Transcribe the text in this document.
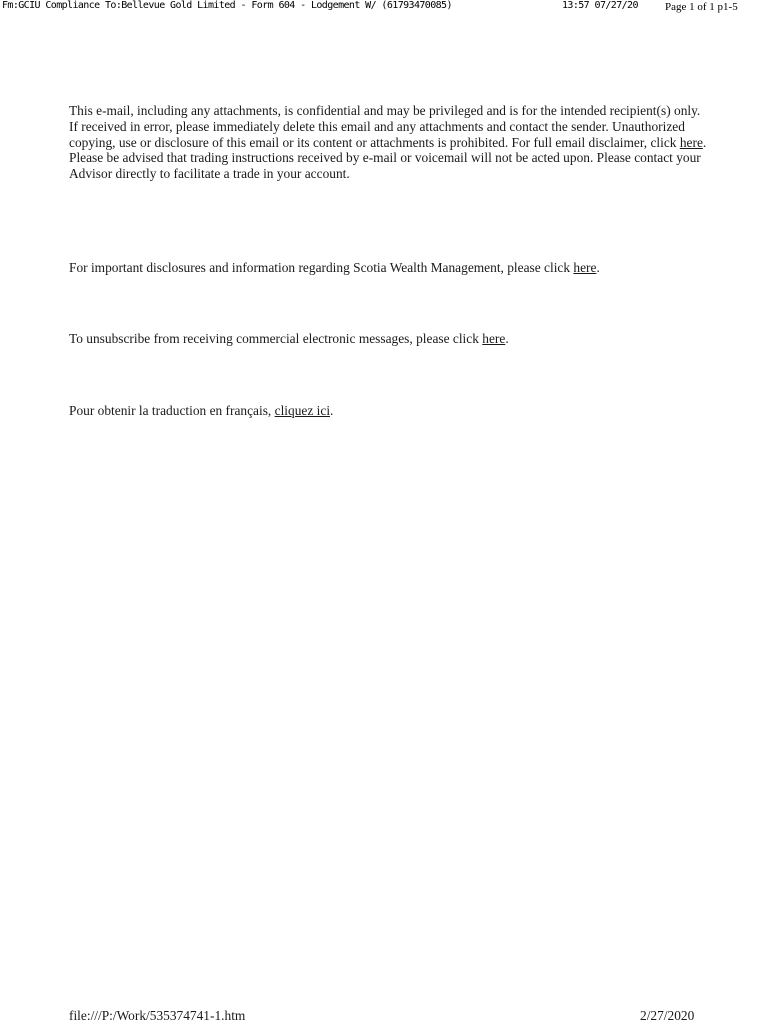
Fm:GCIU Compliance To:Bellevue Gold Limited - Form 604 - Lodgement W/ (61793470085)	13:57 07/27/20 Page 1 of 1 p1-5

This e-mail, including any attachments, is confidential and may be privileged and is for the intended recipient(s) only. If received in error, please immediately delete this email and any attachments and contact the sender. Unauthorized copying, use or disclosure of this email or its content or attachments is prohibited. For full email disclaimer, click here. Please be advised that trading instructions received by e-mail or voicemail will not be acted upon. Please contact your Advisor directly to facilitate a trade in your account.

For important disclosures and information regarding Scotia Wealth Management, please click here.

To unsubscribe from receiving commercial electronic messages, please click here.

Pour obtenir la traduction en français, cliquez ici.

file:///P:/Work/535374741-1.htm	2/27/2020
